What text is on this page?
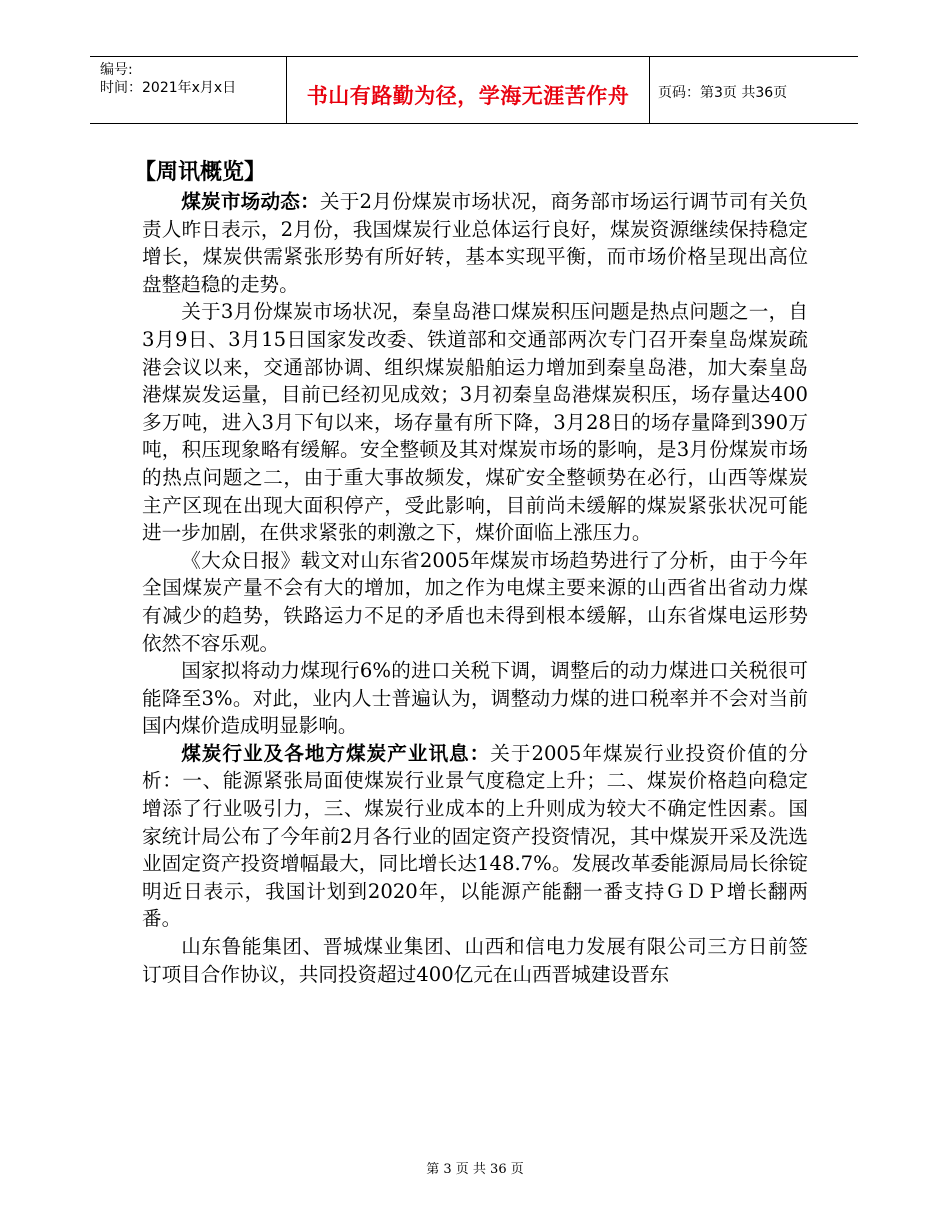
编号:
时间：2021年x月x日	书山有路勤为径，学海无涯苦作舟	页码：第3页 共36页
【周讯概览】

煤炭市场动态：关于2月份煤炭市场状况，商务部市场运行调节司有关负责人昨日表示，2月份，我国煤炭行业总体运行良好，煤炭资源继续保持稳定增长，煤炭供需紧张形势有所好转，基本实现平衡，而市场价格呈现出高位盘整趋稳的走势。

关于3月份煤炭市场状况，秦皇岛港口煤炭积压问题是热点问题之一，自3月9日、3月15日国家发改委、铁道部和交通部两次专门召开秦皇岛煤炭疏港会议以来，交通部协调、组织煤炭船舶运力增加到秦皇岛港，加大秦皇岛港煤炭发运量，目前已经初见成效；3月初秦皇岛港煤炭积压，场存量达400多万吨，进入3月下旬以来，场存量有所下降，3月28日的场存量降到390万吨，积压现象略有缓解。安全整顿及其对煤炭市场的影响，是3月份煤炭市场的热点问题之二，由于重大事故频发，煤矿安全整顿势在必行，山西等煤炭主产区现在出现大面积停产，受此影响，目前尚未缓解的煤炭紧张状况可能进一步加剧，在供求紧张的刺激之下，煤价面临上涨压力。

《大众日报》载文对山东省2005年煤炭市场趋势进行了分析，由于今年全国煤炭产量不会有大的增加，加之作为电煤主要来源的山西省出省动力煤有减少的趋势，铁路运力不足的矛盾也未得到根本缓解，山东省煤电运形势依然不容乐观。

国家拟将动力煤现行6%的进口关税下调，调整后的动力煤进口关税很可能降至3%。对此，业内人士普遍认为，调整动力煤的进口税率并不会对当前国内煤价造成明显影响。

煤炭行业及各地方煤炭产业讯息：关于2005年煤炭行业投资价值的分析：一、能源紧张局面使煤炭行业景气度稳定上升；二、煤炭价格趋向稳定增添了行业吸引力，三、煤炭行业成本的上升则成为较大不确定性因素。国家统计局公布了今年前2月各行业的固定资产投资情况，其中煤炭开采及洗选业固定资产投资增幅最大，同比增长达148.7%。发展改革委能源局局长徐锭明近日表示，我国计划到2020年，以能源产能翻一番支持ＧＤＰ增长翻两番。

山东鲁能集团、晋城煤业集团、山西和信电力发展有限公司三方日前签订项目合作协议，共同投资超过400亿元在山西晋城建设晋东

第 3 页 共 36 页
